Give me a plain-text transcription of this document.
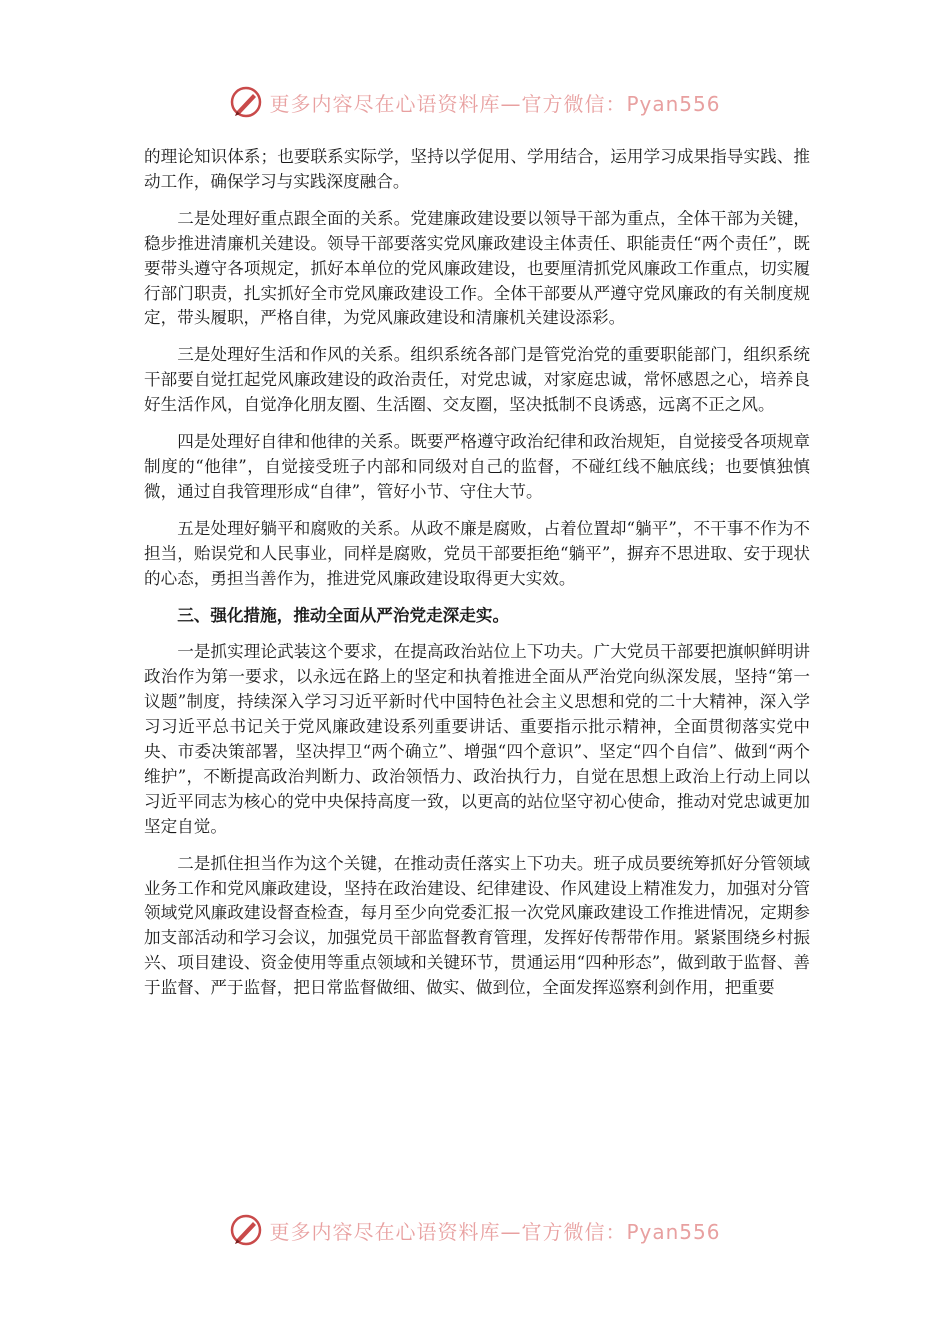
更多内容尽在心语资料库—官方微信：Pyan556

的理论知识体系；也要联系实际学，坚持以学促用、学用结合，运用学习成果指导实践、推动工作，确保学习与实践深度融合。

二是处理好重点跟全面的关系。党建廉政建设要以领导干部为重点，全体干部为关键，稳步推进清廉机关建设。领导干部要落实党风廉政建设主体责任、职能责任“两个责任”，既要带头遵守各项规定，抓好本单位的党风廉政建设，也要厘清抓党风廉政工作重点，切实履行部门职责，扎实抓好全市党风廉政建设工作。全体干部要从严遵守党风廉政的有关制度规定，带头履职，严格自律，为党风廉政建设和清廉机关建设添彩。

三是处理好生活和作风的关系。组织系统各部门是管党治党的重要职能部门，组织系统干部要自觉扛起党风廉政建设的政治责任，对党忠诚，对家庭忠诚，常怀感恩之心，培养良好生活作风，自觉净化朋友圈、生活圈、交友圈，坚决抵制不良诱惑，远离不正之风。

四是处理好自律和他律的关系。既要严格遵守政治纪律和政治规矩，自觉接受各项规章制度的“他律”，自觉接受班子内部和同级对自己的监督，不碰红线不触底线；也要慎独慎微，通过自我管理形成“自律”，管好小节、守住大节。

五是处理好躺平和腐败的关系。从政不廉是腐败，占着位置却“躺平”，不干事不作为不担当，贻误党和人民事业，同样是腐败，党员干部要拒绝“躺平”，摒弃不思进取、安于现状的心态，勇担当善作为，推进党风廉政建设取得更大实效。

三、强化措施，推动全面从严治党走深走实。

一是抓实理论武装这个要求，在提高政治站位上下功夫。广大党员干部要把旗帜鲜明讲政治作为第一要求，以永远在路上的坚定和执着推进全面从严治党向纵深发展，坚持“第一议题”制度，持续深入学习习近平新时代中国特色社会主义思想和党的二十大精神，深入学习习近平总书记关于党风廉政建设系列重要讲话、重要指示批示精神，全面贯彻落实党中央、市委决策部署，坚决捍卫“两个确立”、增强“四个意识”、坚定“四个自信”、做到“两个维护”，不断提高政治判断力、政治领悟力、政治执行力，自觉在思想上政治上行动上同以习近平同志为核心的党中央保持高度一致，以更高的站位坚守初心使命，推动对党忠诚更加坚定自觉。

二是抓住担当作为这个关键，在推动责任落实上下功夫。班子成员要统筹抓好分管领域业务工作和党风廉政建设，坚持在政治建设、纪律建设、作风建设上精准发力，加强对分管领域党风廉政建设督查检查，每月至少向党委汇报一次党风廉政建设工作推进情况，定期参加支部活动和学习会议，加强党员干部监督教育管理，发挥好传帮带作用。紧紧围绕乡村振兴、项目建设、资金使用等重点领域和关键环节，贯通运用“四种形态”，做到敢于监督、善于监督、严于监督，把日常监督做细、做实、做到位，全面发挥巡察利剑作用，把重要

更多内容尽在心语资料库—官方微信：Pyan556
